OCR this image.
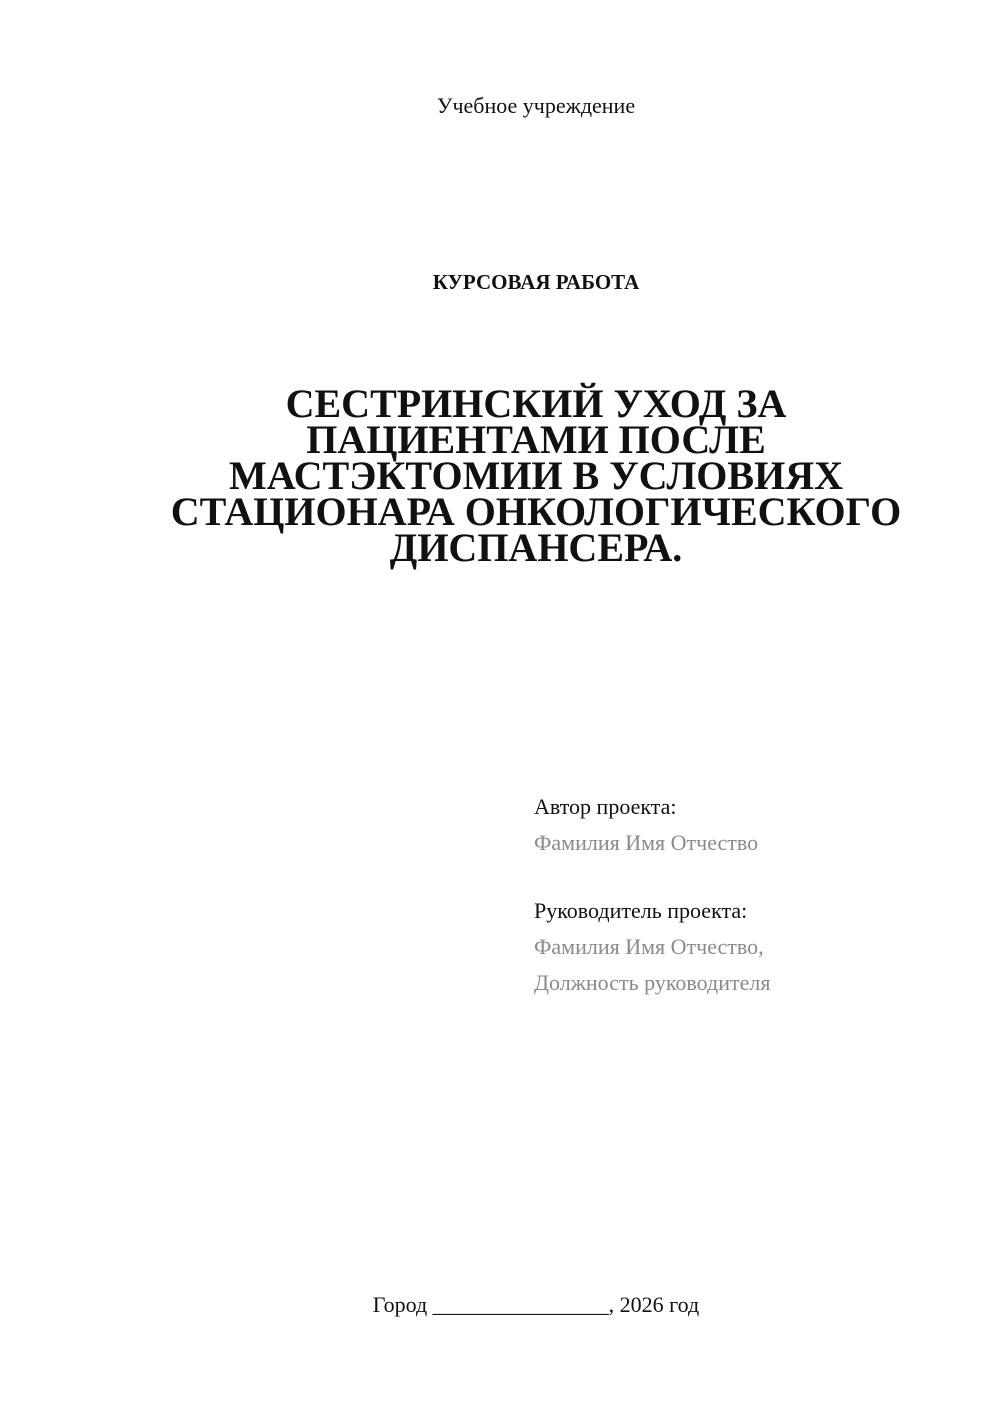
Учебное учреждение
КУРСОВАЯ РАБОТА
СЕСТРИНСКИЙ УХОД ЗА
ПАЦИЕНТАМИ ПОСЛЕ
МАСТЭКТОМИИ В УСЛОВИЯХ
СТАЦИОНАРА ОНКОЛОГИЧЕСКОГО
ДИСПАНСЕРА.
Автор проекта:
Фамилия Имя Отчество
Руководитель проекта:
Фамилия Имя Отчество,
Должность руководителя
Город ________________, 2026 год
